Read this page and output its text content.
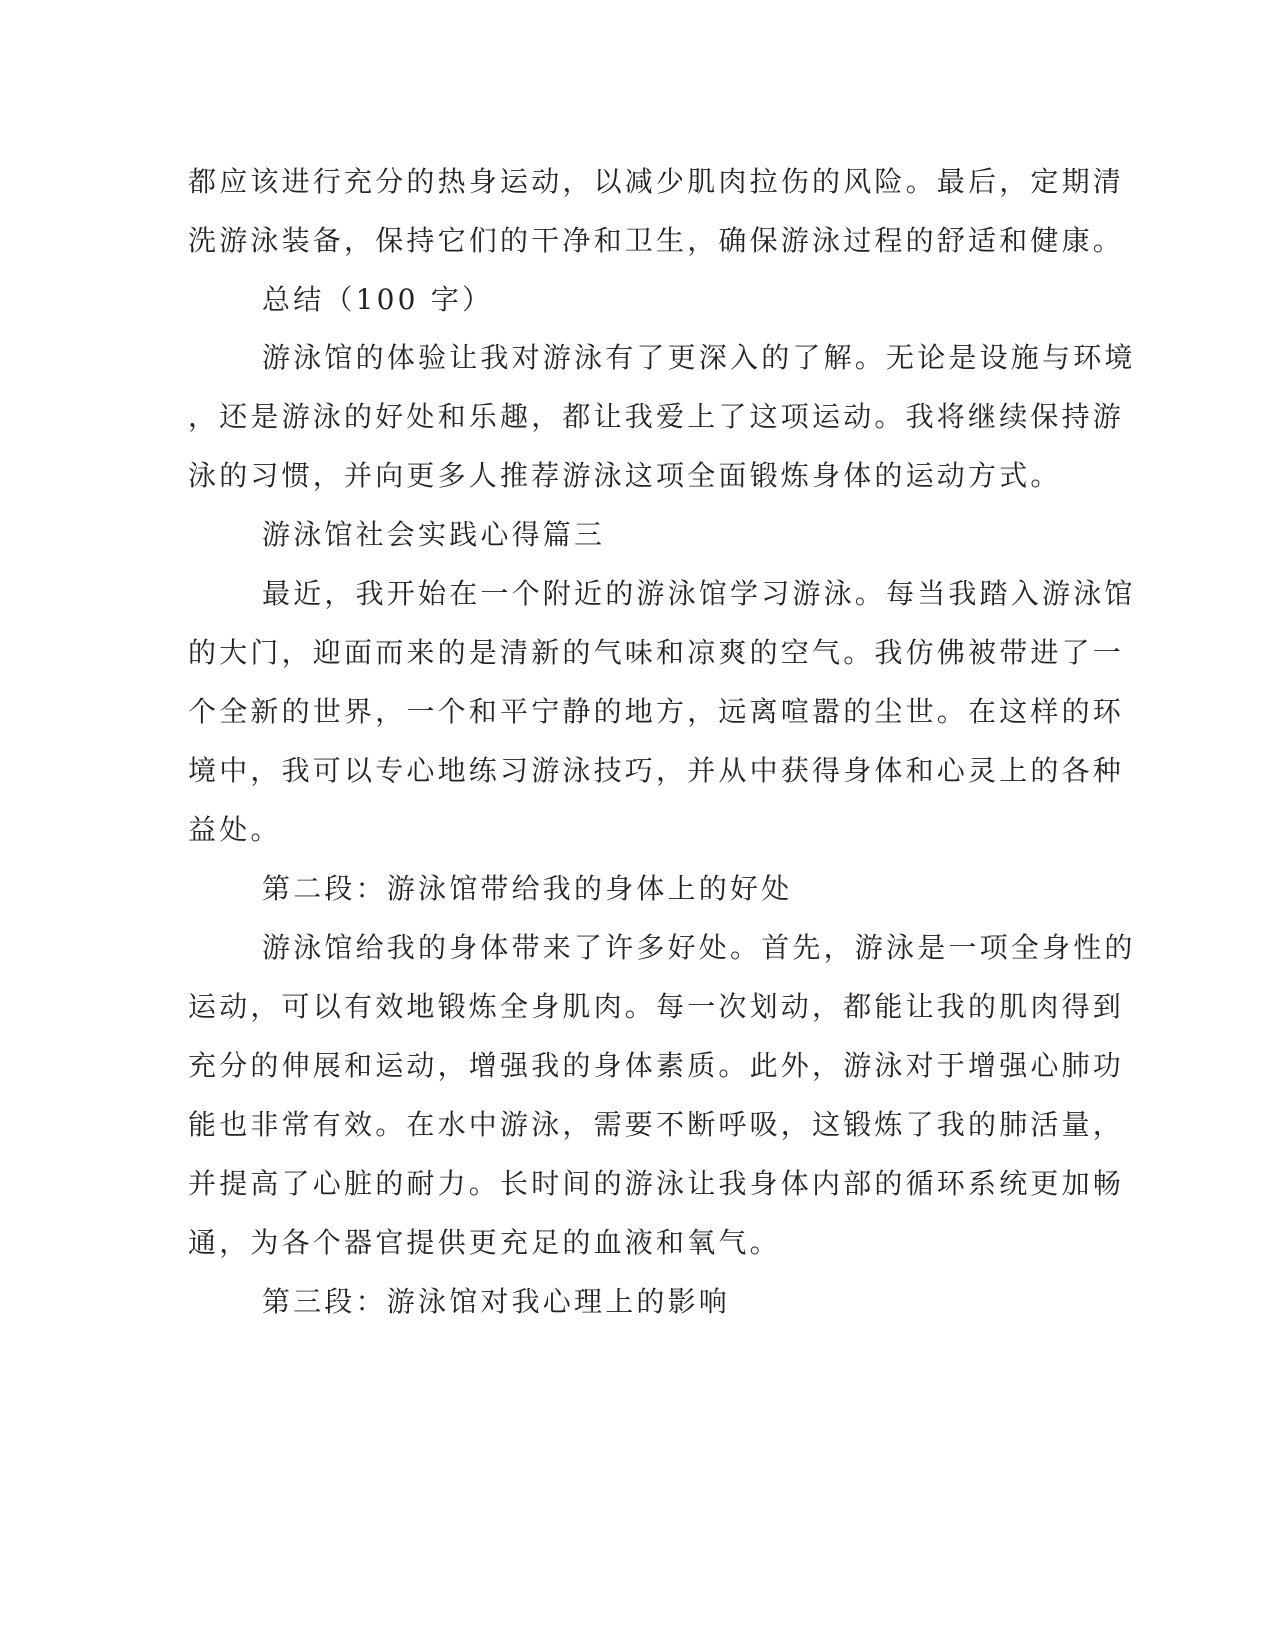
都应该进行充分的热身运动，以减少肌肉拉伤的风险。最后，定期清
洗游泳装备，保持它们的干净和卫生，确保游泳过程的舒适和健康。
总结（100 字）
游泳馆的体验让我对游泳有了更深入的了解。无论是设施与环境
，还是游泳的好处和乐趣，都让我爱上了这项运动。我将继续保持游
泳的习惯，并向更多人推荐游泳这项全面锻炼身体的运动方式。
游泳馆社会实践心得篇三
最近，我开始在一个附近的游泳馆学习游泳。每当我踏入游泳馆
的大门，迎面而来的是清新的气味和凉爽的空气。我仿佛被带进了一
个全新的世界，一个和平宁静的地方，远离喧嚣的尘世。在这样的环
境中，我可以专心地练习游泳技巧，并从中获得身体和心灵上的各种
益处。
第二段：游泳馆带给我的身体上的好处
游泳馆给我的身体带来了许多好处。首先，游泳是一项全身性的
运动，可以有效地锻炼全身肌肉。每一次划动，都能让我的肌肉得到
充分的伸展和运动，增强我的身体素质。此外，游泳对于增强心肺功
能也非常有效。在水中游泳，需要不断呼吸，这锻炼了我的肺活量，
并提高了心脏的耐力。长时间的游泳让我身体内部的循环系统更加畅
通，为各个器官提供更充足的血液和氧气。
第三段：游泳馆对我心理上的影响
